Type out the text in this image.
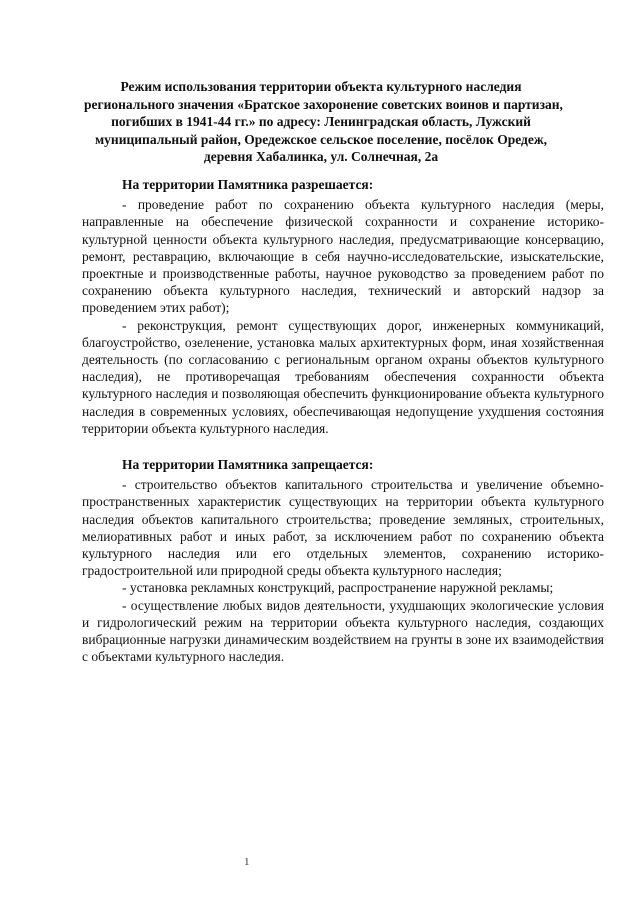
Режим использования территории объекта культурного наследия
регионального значения «Братское захоронение советских воинов и партизан,
погибших в 1941-44 гг.» по адресу: Ленинградская область, Лужский
муниципальный район, Оредежское сельское поселение, посёлок Оредеж,
деревня Хабалинка, ул. Солнечная, 2а

На территории Памятника разрешается:

- проведение работ по сохранению объекта культурного наследия (меры, направленные на обеспечение физической сохранности и сохранение историко-культурной ценности объекта культурного наследия, предусматривающие консервацию, ремонт, реставрацию, включающие в себя научно-исследовательские, изыскательские, проектные и производственные работы, научное руководство за проведением работ по сохранению объекта культурного наследия, технический и авторский надзор за проведением этих работ);

- реконструкция, ремонт существующих дорог, инженерных коммуникаций, благоустройство, озеленение, установка малых архитектурных форм, иная хозяйственная деятельность (по согласованию с региональным органом охраны объектов культурного наследия), не противоречащая требованиям обеспечения сохранности объекта культурного наследия и позволяющая обеспечить функционирование объекта культурного наследия в современных условиях, обеспечивающая недопущение ухудшения состояния территории объекта культурного наследия.

На территории Памятника запрещается:

- строительство объектов капитального строительства и увеличение объемно-пространственных характеристик существующих на территории объекта культурного наследия объектов капитального строительства; проведение земляных, строительных, мелиоративных работ и иных работ, за исключением работ по сохранению объекта культурного наследия или его отдельных элементов, сохранению историко-градостроительной или природной среды объекта культурного наследия;

- установка рекламных конструкций, распространение наружной рекламы;

- осуществление любых видов деятельности, ухудшающих экологические условия и гидрологический режим на территории объекта культурного наследия, создающих вибрационные нагрузки динамическим воздействием на грунты в зоне их взаимодействия с объектами культурного наследия.

1
